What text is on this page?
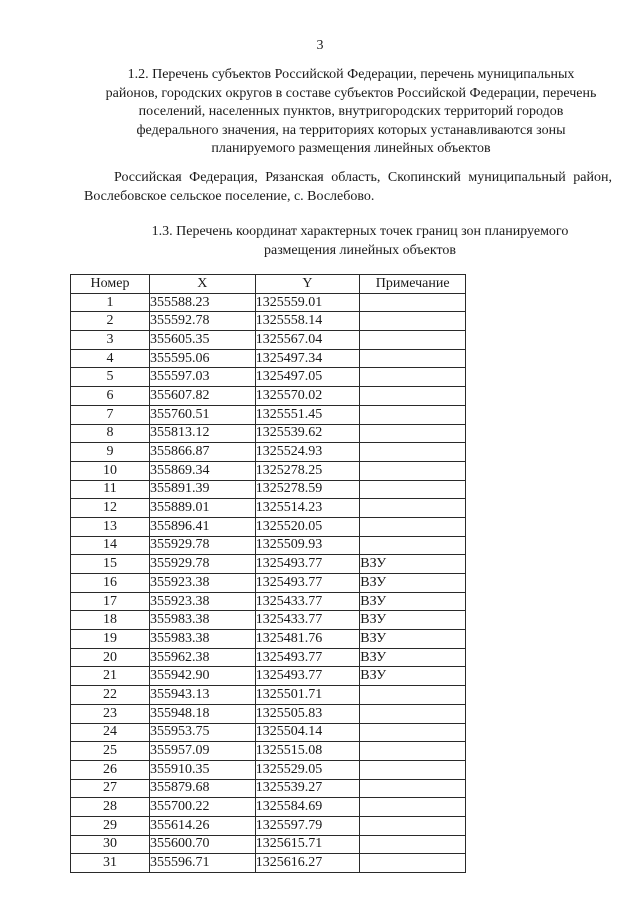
3
1.2. Перечень субъектов Российской Федерации, перечень муниципальных
районов, городских округов в составе субъектов Российской Федерации, перечень
поселений, населенных пунктов, внутригородских территорий городов
федерального значения, на территориях которых устанавливаются зоны
планируемого размещения линейных объектов
Российская Федерация, Рязанская область, Скопинский муниципальный район, Вослебовское сельское поселение, с. Вослебово.
1.3. Перечень координат характерных точек границ зон планируемого
размещения линейных объектов
Номер	X	Y	Примечание
1	355588.23	1325559.01	
2	355592.78	1325558.14	
3	355605.35	1325567.04	
4	355595.06	1325497.34	
5	355597.03	1325497.05	
6	355607.82	1325570.02	
7	355760.51	1325551.45	
8	355813.12	1325539.62	
9	355866.87	1325524.93	
10	355869.34	1325278.25	
11	355891.39	1325278.59	
12	355889.01	1325514.23	
13	355896.41	1325520.05	
14	355929.78	1325509.93	
15	355929.78	1325493.77	ВЗУ
16	355923.38	1325493.77	ВЗУ
17	355923.38	1325433.77	ВЗУ
18	355983.38	1325433.77	ВЗУ
19	355983.38	1325481.76	ВЗУ
20	355962.38	1325493.77	ВЗУ
21	355942.90	1325493.77	ВЗУ
22	355943.13	1325501.71	
23	355948.18	1325505.83	
24	355953.75	1325504.14	
25	355957.09	1325515.08	
26	355910.35	1325529.05	
27	355879.68	1325539.27	
28	355700.22	1325584.69	
29	355614.26	1325597.79	
30	355600.70	1325615.71	
31	355596.71	1325616.27	
